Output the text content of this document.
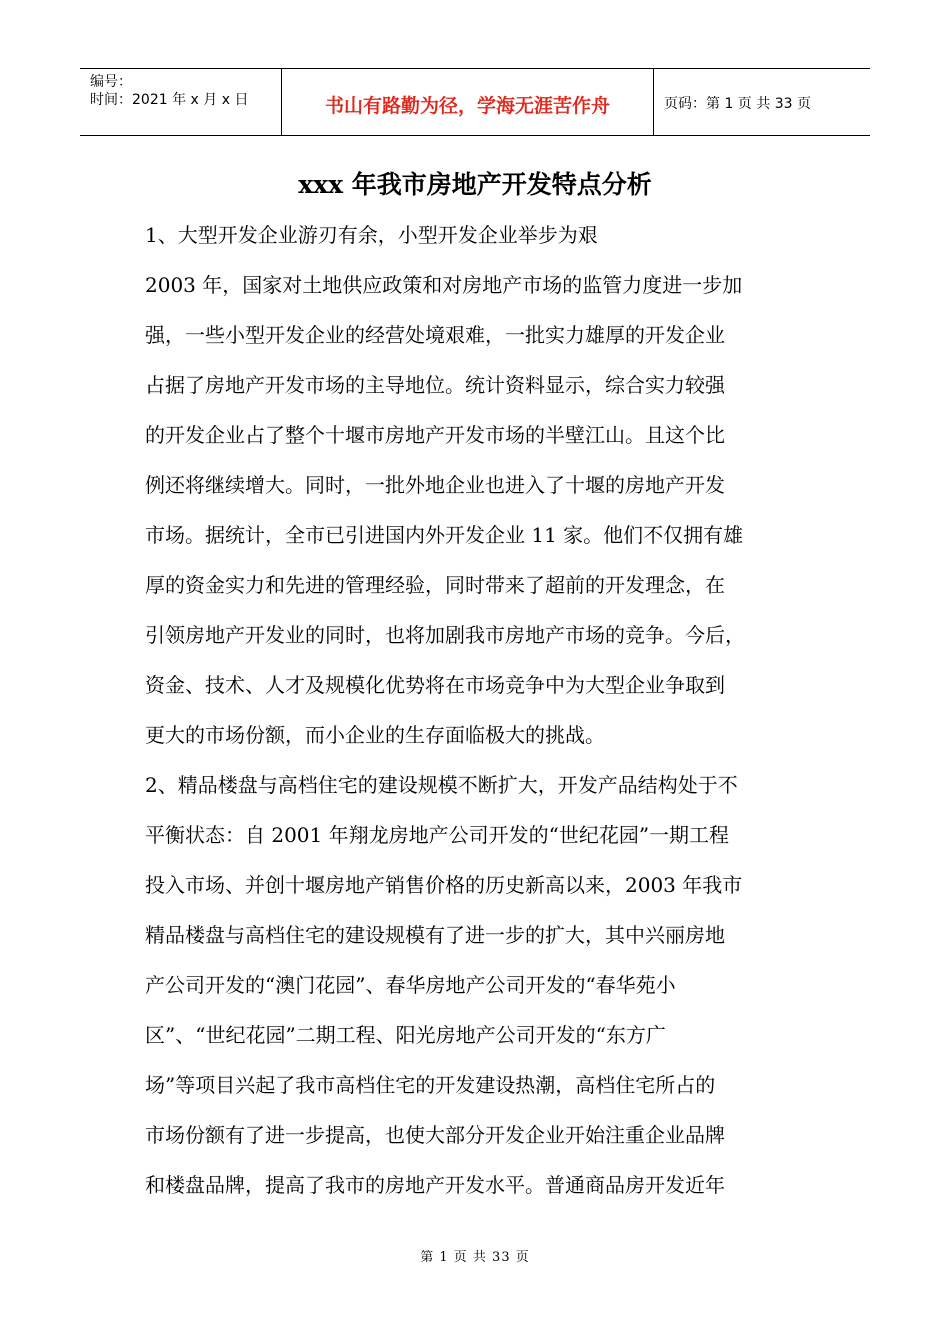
编号：
时间：2021 年 x 月 x 日	书山有路勤为径，学海无涯苦作舟	页码：第 1 页 共 33 页
xxx 年我市房地产开发特点分析
1、大型开发企业游刃有余，小型开发企业举步为艰
2003 年，国家对土地供应政策和对房地产市场的监管力度进一步加
强，一些小型开发企业的经营处境艰难，一批实力雄厚的开发企业
占据了房地产开发市场的主导地位。统计资料显示，综合实力较强
的开发企业占了整个十堰市房地产开发市场的半壁江山。且这个比
例还将继续增大。同时，一批外地企业也进入了十堰的房地产开发
市场。据统计，全市已引进国内外开发企业 11 家。他们不仅拥有雄
厚的资金实力和先进的管理经验，同时带来了超前的开发理念，在
引领房地产开发业的同时，也将加剧我市房地产市场的竞争。今后，
资金、技术、人才及规模化优势将在市场竞争中为大型企业争取到
更大的市场份额，而小企业的生存面临极大的挑战。
2、精品楼盘与高档住宅的建设规模不断扩大，开发产品结构处于不
平衡状态：自 2001 年翔龙房地产公司开发的“世纪花园”一期工程
投入市场、并创十堰房地产销售价格的历史新高以来，2003 年我市
精品楼盘与高档住宅的建设规模有了进一步的扩大，其中兴丽房地
产公司开发的“澳门花园”、春华房地产公司开发的“春华苑小
区”、“世纪花园”二期工程、阳光房地产公司开发的“东方广
场”等项目兴起了我市高档住宅的开发建设热潮，高档住宅所占的
市场份额有了进一步提高，也使大部分开发企业开始注重企业品牌
和楼盘品牌，提高了我市的房地产开发水平。普通商品房开发近年
第 1 页 共 33 页
